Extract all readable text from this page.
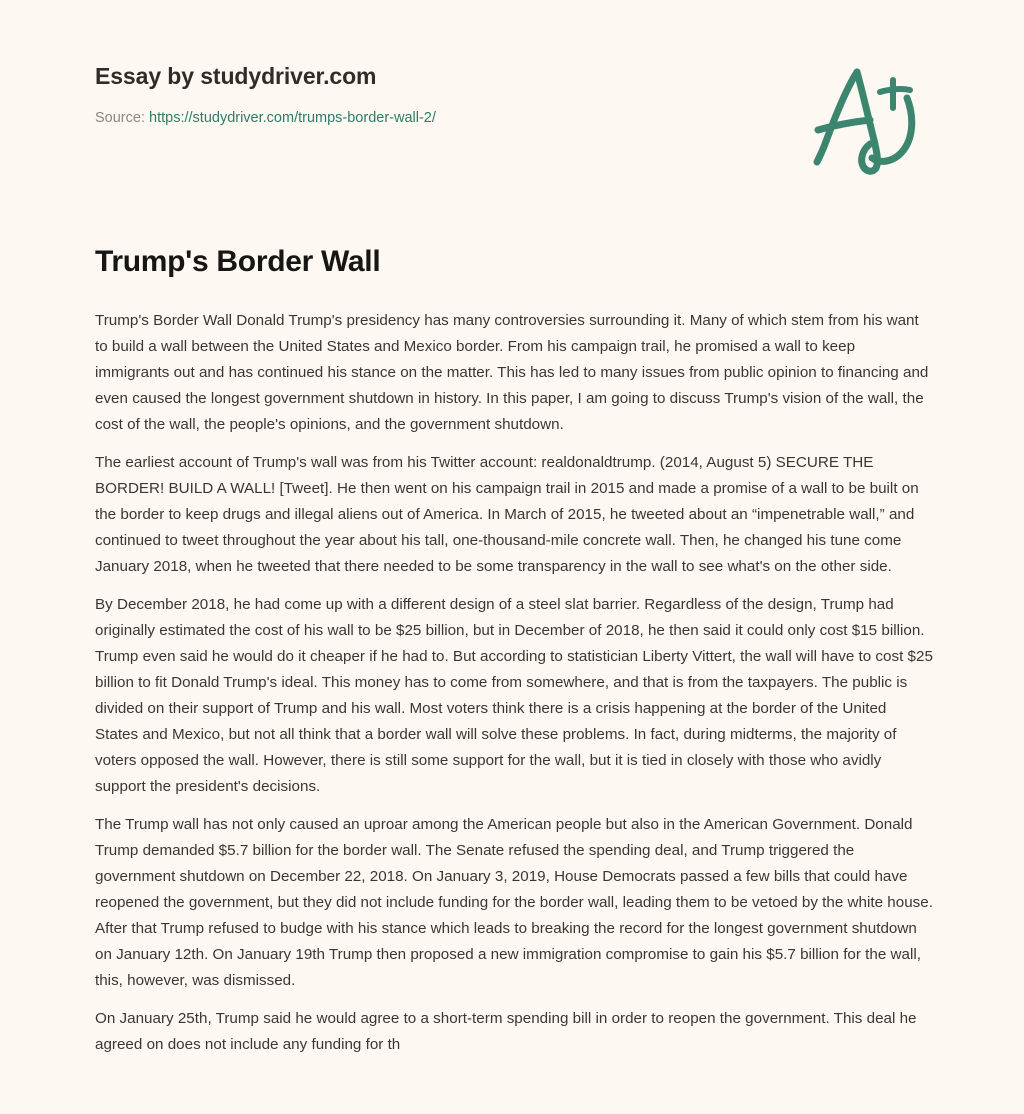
Essay by studydriver.com
Source: https://studydriver.com/trumps-border-wall-2/
Trump's Border Wall

Trump's Border Wall Donald Trump's presidency has many controversies surrounding it. Many of which stem from his want to build a wall between the United States and Mexico border. From his campaign trail, he promised a wall to keep immigrants out and has continued his stance on the matter. This has led to many issues from public opinion to financing and even caused the longest government shutdown in history. In this paper, I am going to discuss Trump's vision of the wall, the cost of the wall, the people's opinions, and the government shutdown.

The earliest account of Trump's wall was from his Twitter account: realdonaldtrump. (2014, August 5) SECURE THE BORDER! BUILD A WALL! [Tweet]. He then went on his campaign trail in 2015 and made a promise of a wall to be built on the border to keep drugs and illegal aliens out of America. In March of 2015, he tweeted about an “impenetrable wall,” and continued to tweet throughout the year about his tall, one-thousand-mile concrete wall. Then, he changed his tune come January 2018, when he tweeted that there needed to be some transparency in the wall to see what's on the other side.

By December 2018, he had come up with a different design of a steel slat barrier. Regardless of the design, Trump had originally estimated the cost of his wall to be $25 billion, but in December of 2018, he then said it could only cost $15 billion. Trump even said he would do it cheaper if he had to. But according to statistician Liberty Vittert, the wall will have to cost $25 billion to fit Donald Trump's ideal. This money has to come from somewhere, and that is from the taxpayers. The public is divided on their support of Trump and his wall. Most voters think there is a crisis happening at the border of the United States and Mexico, but not all think that a border wall will solve these problems. In fact, during midterms, the majority of voters opposed the wall. However, there is still some support for the wall, but it is tied in closely with those who avidly support the president's decisions.

The Trump wall has not only caused an uproar among the American people but also in the American Government. Donald Trump demanded $5.7 billion for the border wall. The Senate refused the spending deal, and Trump triggered the government shutdown on December 22, 2018. On January 3, 2019, House Democrats passed a few bills that could have reopened the government, but they did not include funding for the border wall, leading them to be vetoed by the white house. After that Trump refused to budge with his stance which leads to breaking the record for the longest government shutdown on January 12th. On January 19th Trump then proposed a new immigration compromise to gain his $5.7 billion for the wall, this, however, was dismissed.

On January 25th, Trump said he would agree to a short-term spending bill in order to reopen the government. This deal he agreed on does not include any funding for th
